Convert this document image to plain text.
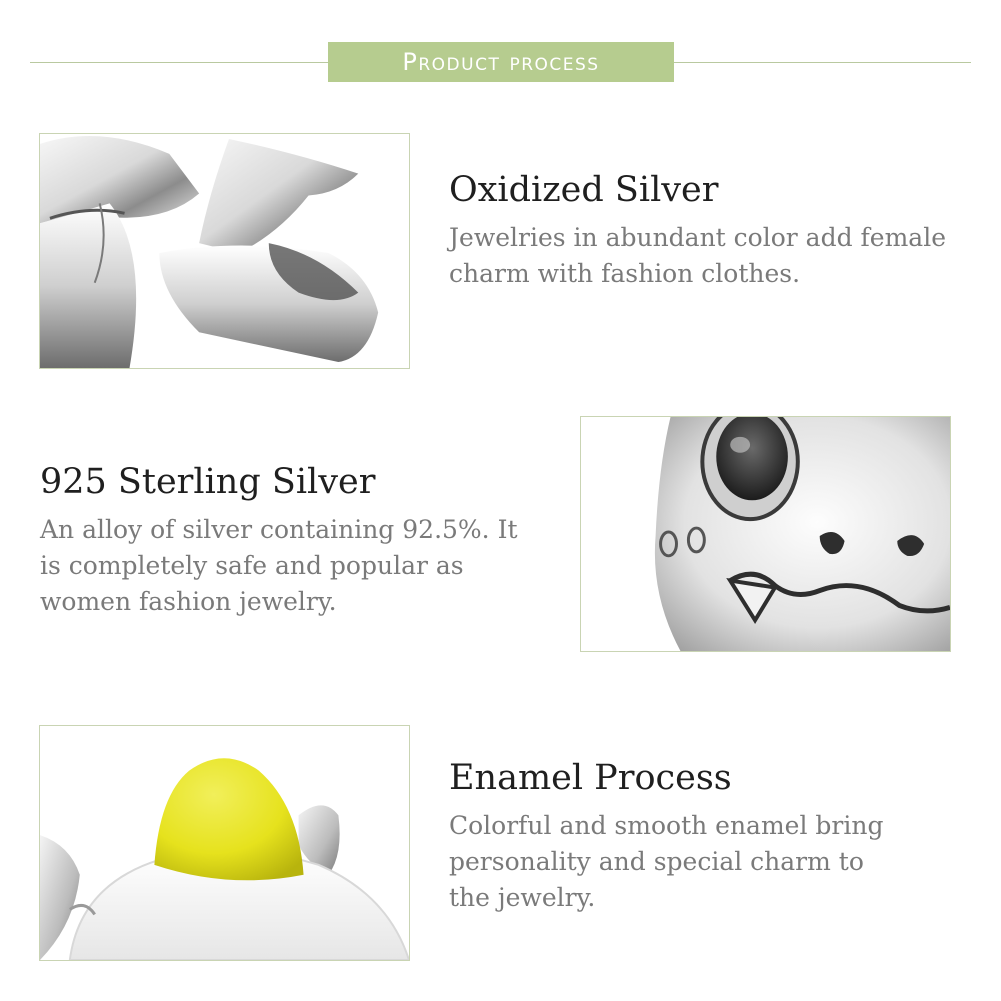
Product process
Oxidized Silver

Jewelries in abundant color add female
charm with fashion clothes.

925 Sterling Silver

An alloy of silver containing 92.5%. It
is completely safe and popular as
women fashion jewelry.

Enamel Process

Colorful and smooth enamel bring
personality and special charm to
the jewelry.
